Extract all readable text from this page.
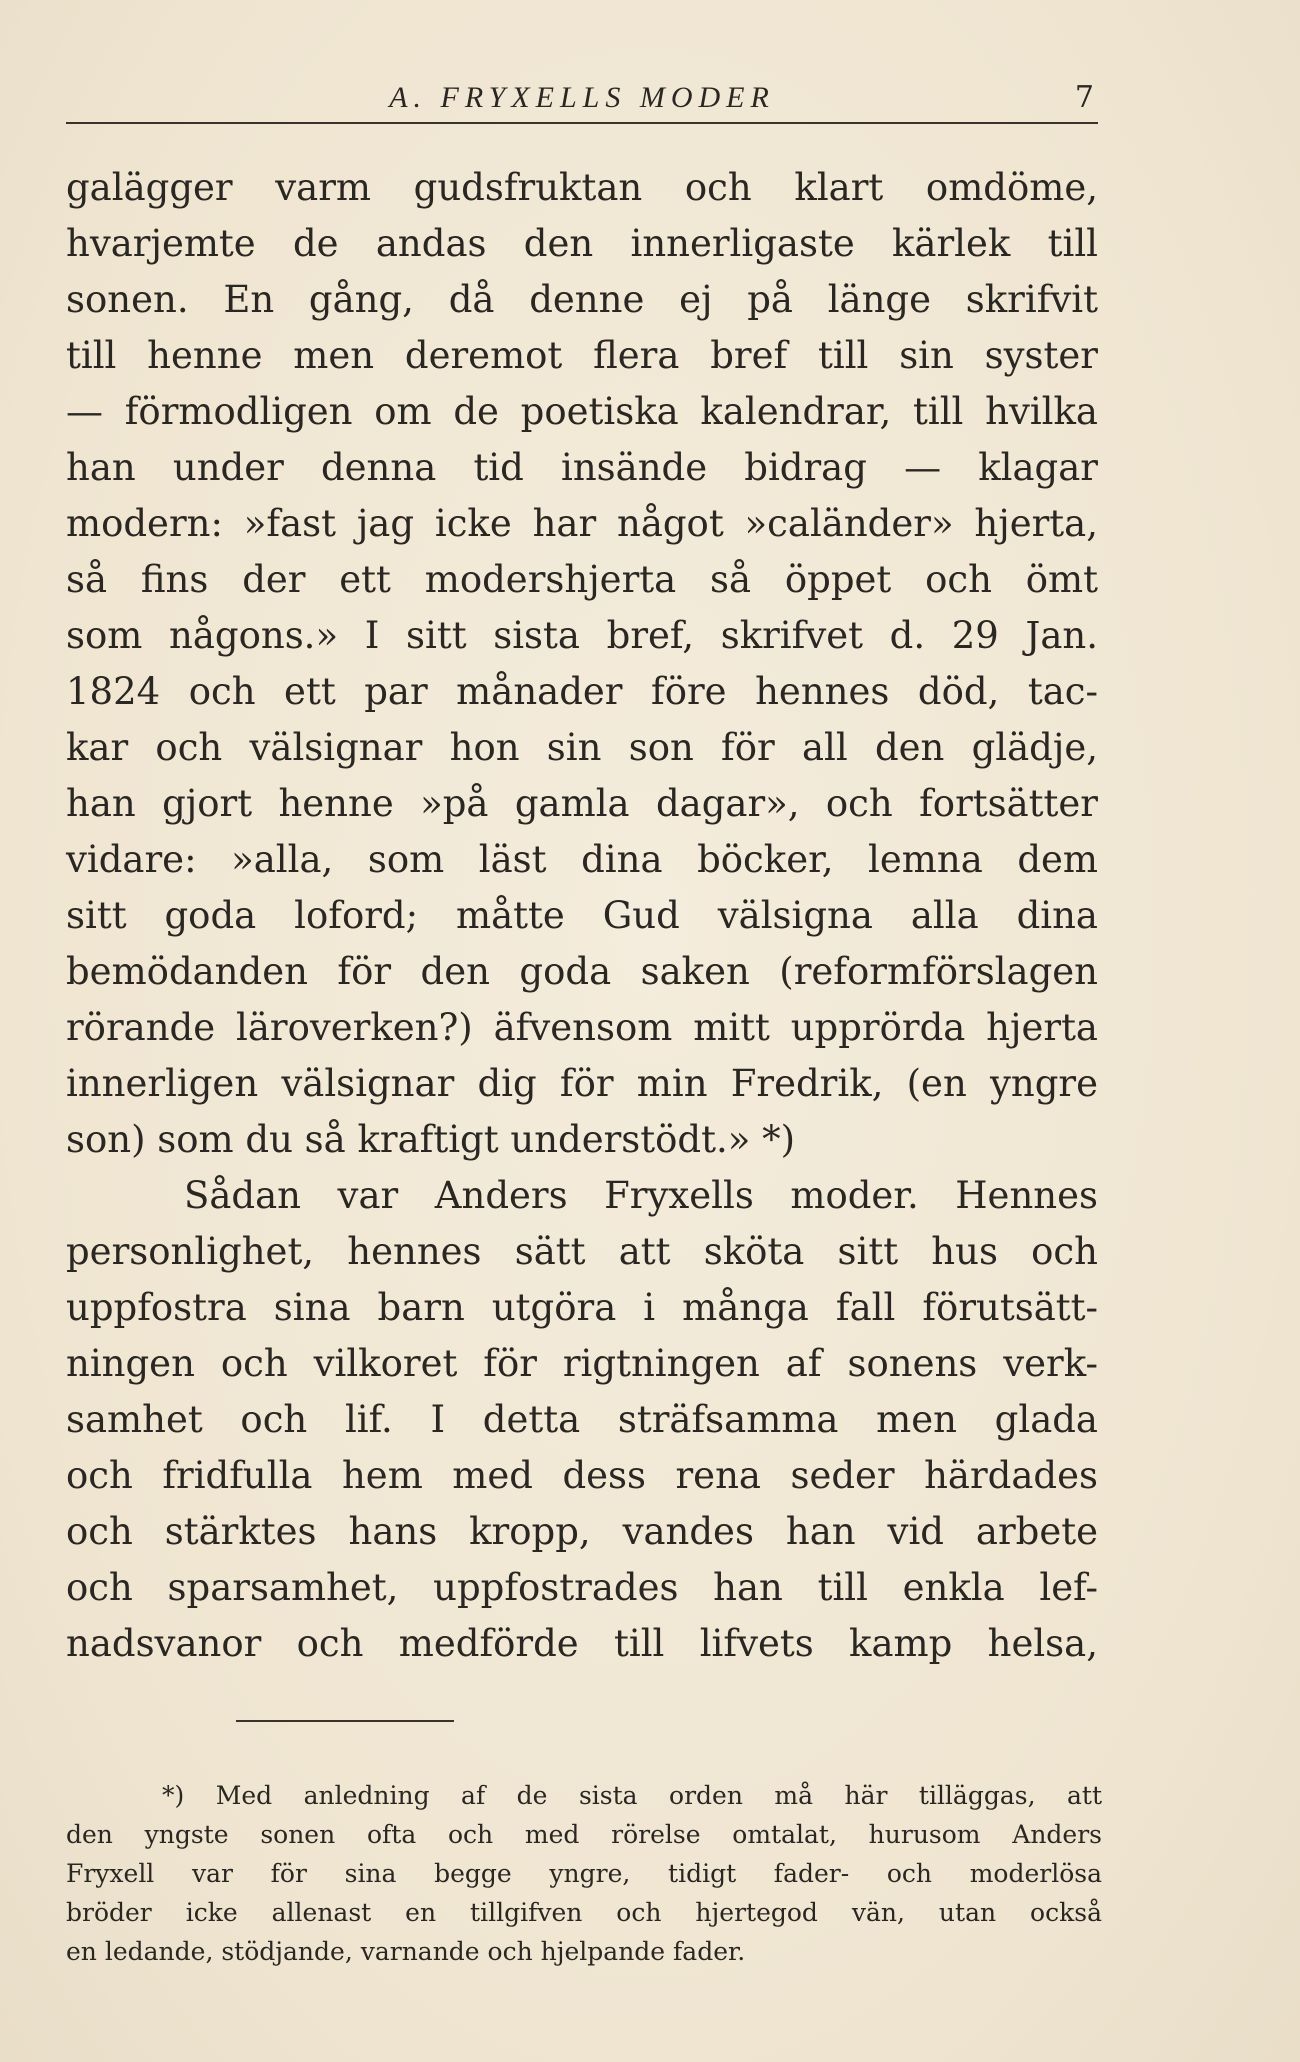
A. FRYXELLS MODER	7
galägger varm gudsfruktan och klart omdöme,
hvarjemte de andas den innerligaste kärlek till
sonen. En gång, då denne ej på länge skrifvit
till henne men deremot flera bref till sin syster
— förmodligen om de poetiska kalendrar, till hvilka
han under denna tid insände bidrag — klagar
modern: »fast jag icke har något »caländer» hjerta,
så fins der ett modershjerta så öppet och ömt
som någons.» I sitt sista bref, skrifvet d. 29 Jan.
1824 och ett par månader före hennes död, tac-
kar och välsignar hon sin son för all den glädje,
han gjort henne »på gamla dagar», och fortsätter
vidare: »alla, som läst dina böcker, lemna dem
sitt goda loford; måtte Gud välsigna alla dina
bemödanden för den goda saken (reformförslagen
rörande läroverken?) äfvensom mitt upprörda hjerta
innerligen välsignar dig för min Fredrik, (en yngre
son) som du så kraftigt understödt.» *)
Sådan var Anders Fryxells moder. Hennes
personlighet, hennes sätt att sköta sitt hus och
uppfostra sina barn utgöra i många fall förutsätt-
ningen och vilkoret för rigtningen af sonens verk-
samhet och lif. I detta sträfsamma men glada
och fridfulla hem med dess rena seder härdades
och stärktes hans kropp, vandes han vid arbete
och sparsamhet, uppfostrades han till enkla lef-
nadsvanor och medförde till lifvets kamp helsa,
*) Med anledning af de sista orden må här tilläggas, att
den yngste sonen ofta och med rörelse omtalat, hurusom Anders
Fryxell var för sina begge yngre, tidigt fader- och moderlösa
bröder icke allenast en tillgifven och hjertegod vän, utan också
en ledande, stödjande, varnande och hjelpande fader.
